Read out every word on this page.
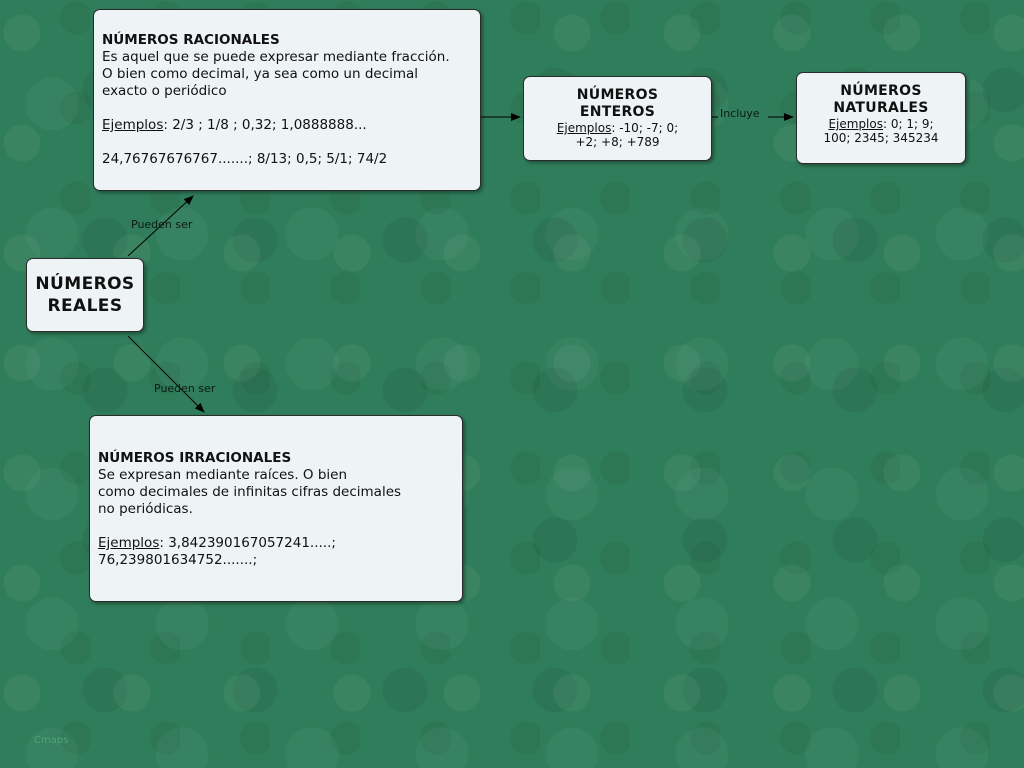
NÚMEROS RACIONALES
Es aquel que se puede expresar mediante fracción.
O bien como decimal, ya sea como un decimal
exacto o periódico
Ejemplos: 2/3 ; 1/8 ; 0,32; 1,0888888...
24,76767676767.......; 8/13; 0,5; 5/1; 74/2
NÚMEROS
ENTEROS
Ejemplos: -10; -7; 0;
+2; +8; +789
NÚMEROS
NATURALES
Ejemplos: 0; 1; 9;
100; 2345; 345234
NÚMEROS
REALES
NÚMEROS IRRACIONALES
Se expresan mediante raíces. O bien
como decimales de infinitas cifras decimales
no periódicas.
Ejemplos: 3,842390167057241.....;
76,239801634752.......;
Pueden ser
Pueden ser
Incluye
Cmaps
